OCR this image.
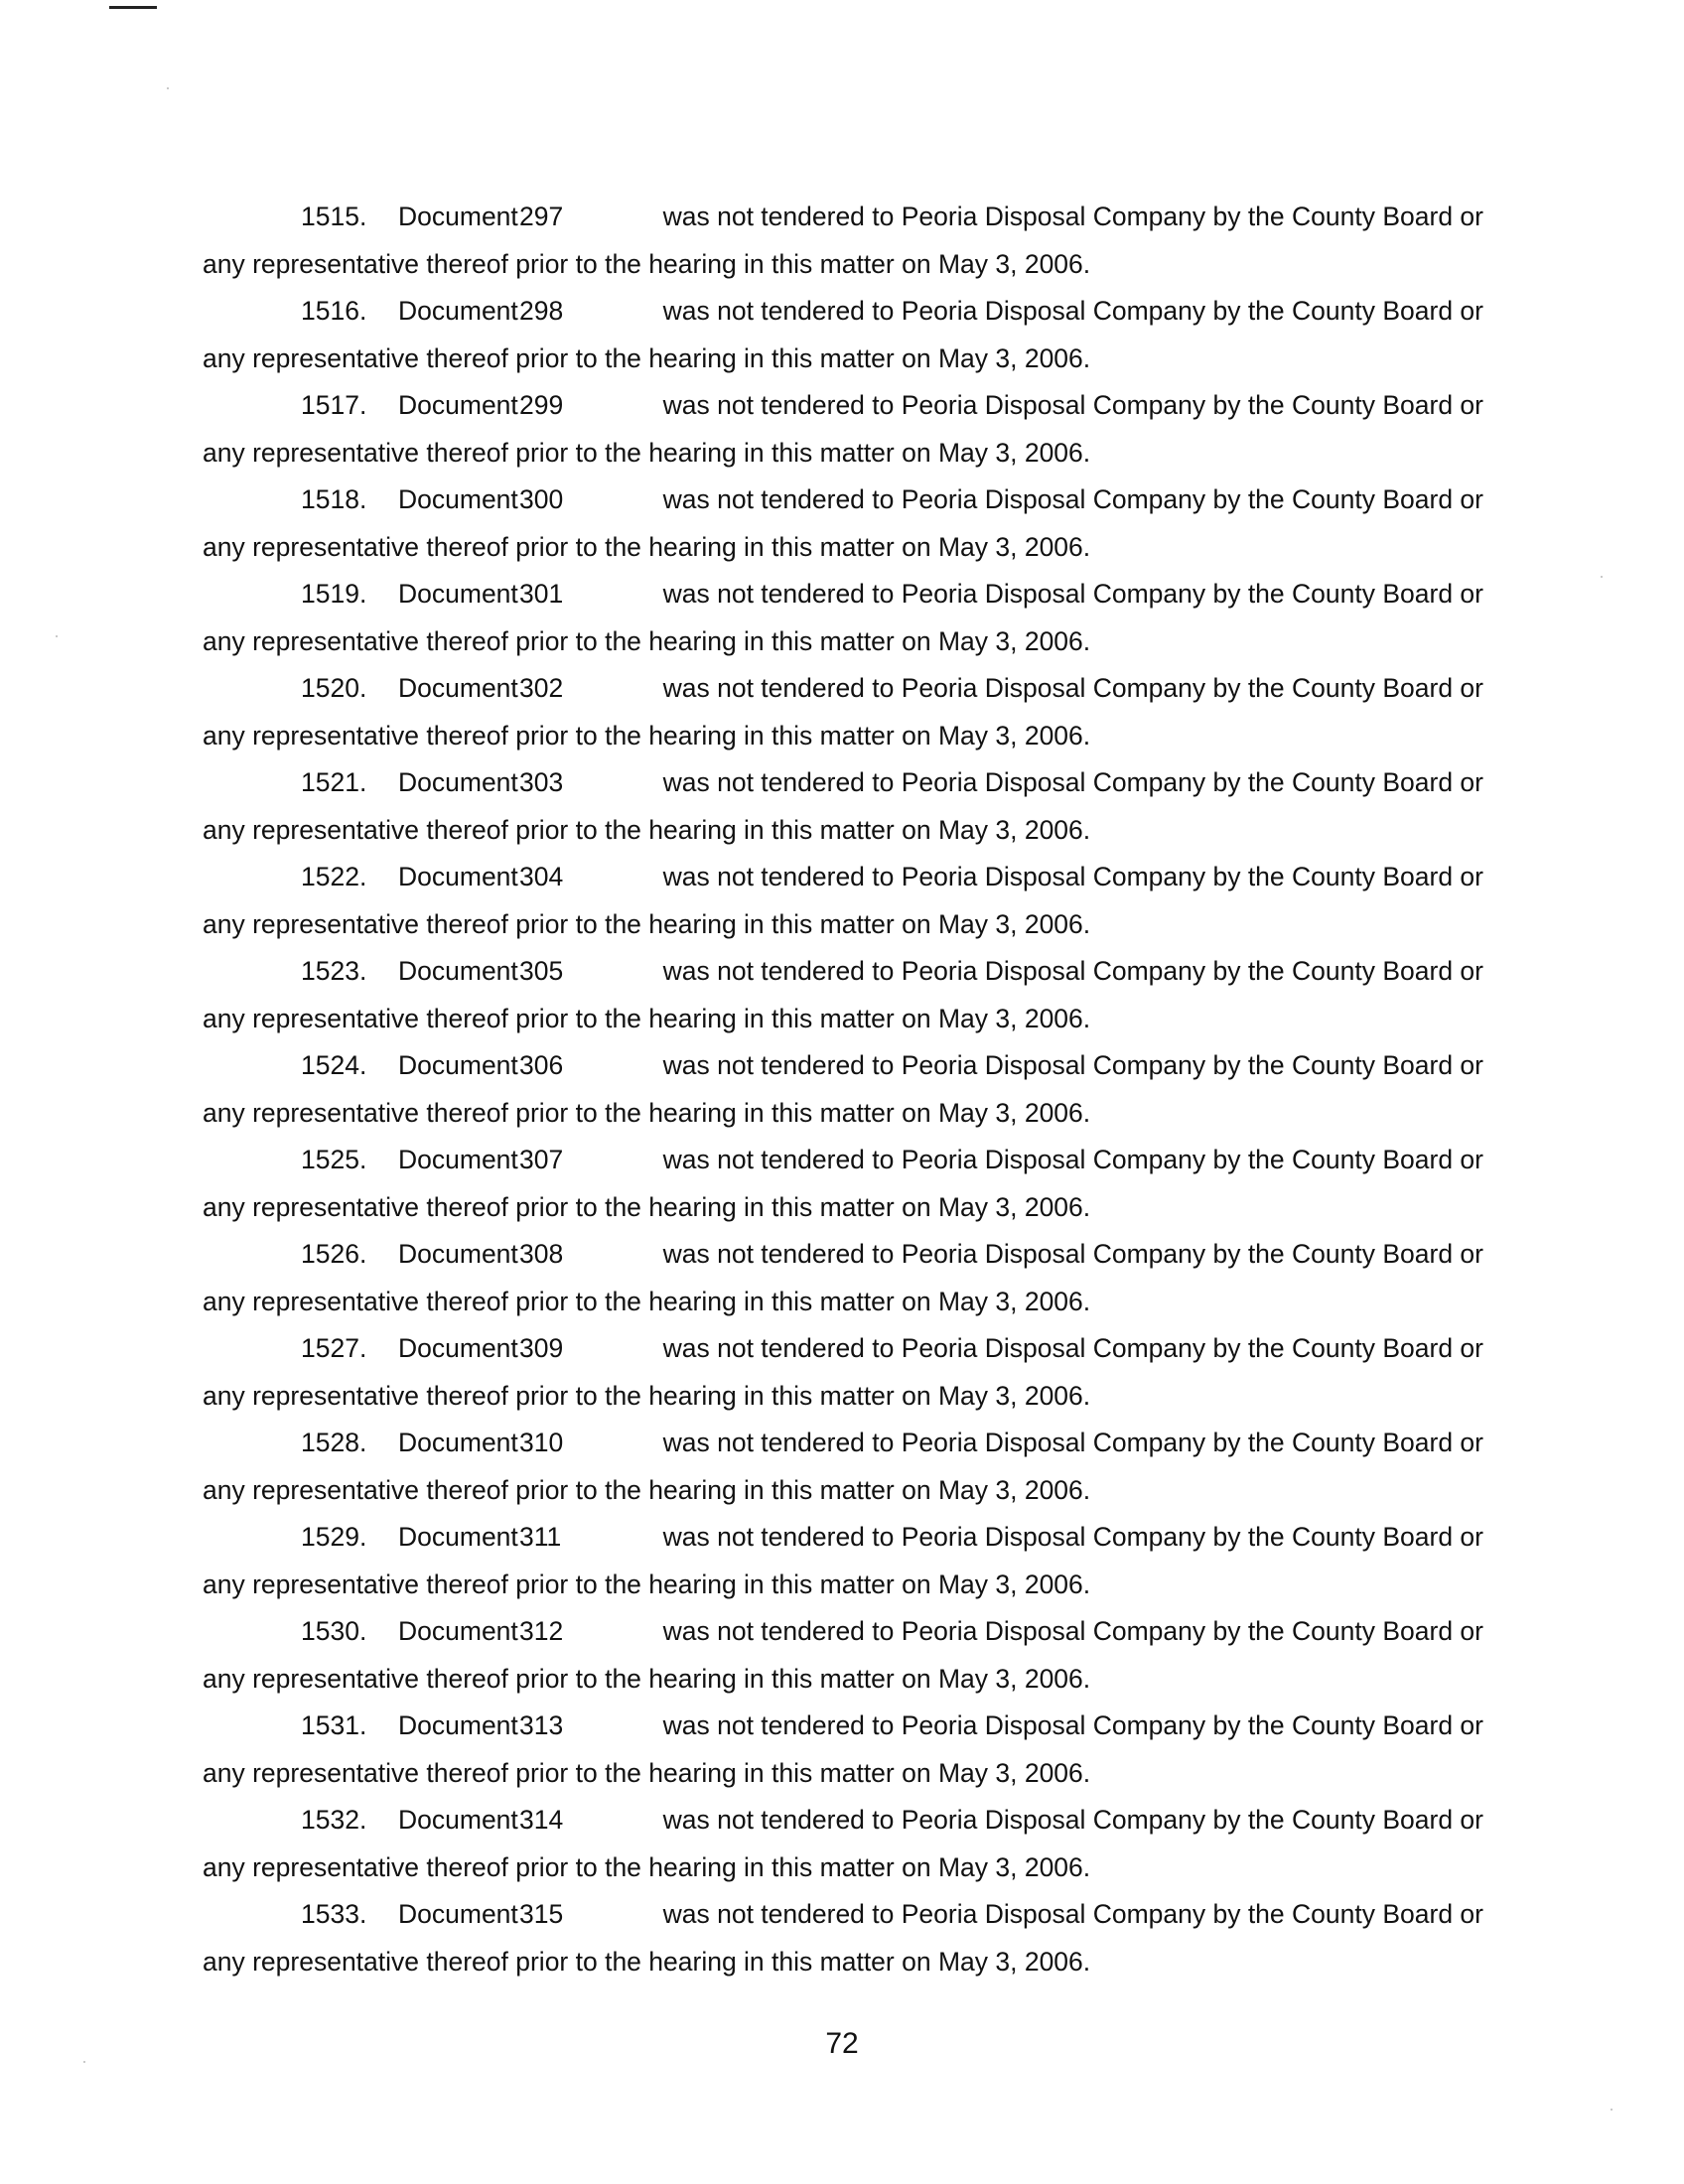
1515.	Document 297	was not tendered to Peoria Disposal Company by the County Board or
any representative thereof prior to the hearing in this matter on May 3, 2006.
1516.	Document 298	was not tendered to Peoria Disposal Company by the County Board or
any representative thereof prior to the hearing in this matter on May 3, 2006.
1517.	Document 299	was not tendered to Peoria Disposal Company by the County Board or
any representative thereof prior to the hearing in this matter on May 3, 2006.
1518.	Document 300	was not tendered to Peoria Disposal Company by the County Board or
any representative thereof prior to the hearing in this matter on May 3, 2006.
1519.	Document 301	was not tendered to Peoria Disposal Company by the County Board or
any representative thereof prior to the hearing in this matter on May 3, 2006.
1520.	Document 302	was not tendered to Peoria Disposal Company by the County Board or
any representative thereof prior to the hearing in this matter on May 3, 2006.
1521.	Document 303	was not tendered to Peoria Disposal Company by the County Board or
any representative thereof prior to the hearing in this matter on May 3, 2006.
1522.	Document 304	was not tendered to Peoria Disposal Company by the County Board or
any representative thereof prior to the hearing in this matter on May 3, 2006.
1523.	Document 305	was not tendered to Peoria Disposal Company by the County Board or
any representative thereof prior to the hearing in this matter on May 3, 2006.
1524.	Document 306	was not tendered to Peoria Disposal Company by the County Board or
any representative thereof prior to the hearing in this matter on May 3, 2006.
1525.	Document 307	was not tendered to Peoria Disposal Company by the County Board or
any representative thereof prior to the hearing in this matter on May 3, 2006.
1526.	Document 308	was not tendered to Peoria Disposal Company by the County Board or
any representative thereof prior to the hearing in this matter on May 3, 2006.
1527.	Document 309	was not tendered to Peoria Disposal Company by the County Board or
any representative thereof prior to the hearing in this matter on May 3, 2006.
1528.	Document 310	was not tendered to Peoria Disposal Company by the County Board or
any representative thereof prior to the hearing in this matter on May 3, 2006.
1529.	Document 311	was not tendered to Peoria Disposal Company by the County Board or
any representative thereof prior to the hearing in this matter on May 3, 2006.
1530.	Document 312	was not tendered to Peoria Disposal Company by the County Board or
any representative thereof prior to the hearing in this matter on May 3, 2006.
1531.	Document 313	was not tendered to Peoria Disposal Company by the County Board or
any representative thereof prior to the hearing in this matter on May 3, 2006.
1532.	Document 314	was not tendered to Peoria Disposal Company by the County Board or
any representative thereof prior to the hearing in this matter on May 3, 2006.
1533.	Document 315	was not tendered to Peoria Disposal Company by the County Board or
any representative thereof prior to the hearing in this matter on May 3, 2006.
72
